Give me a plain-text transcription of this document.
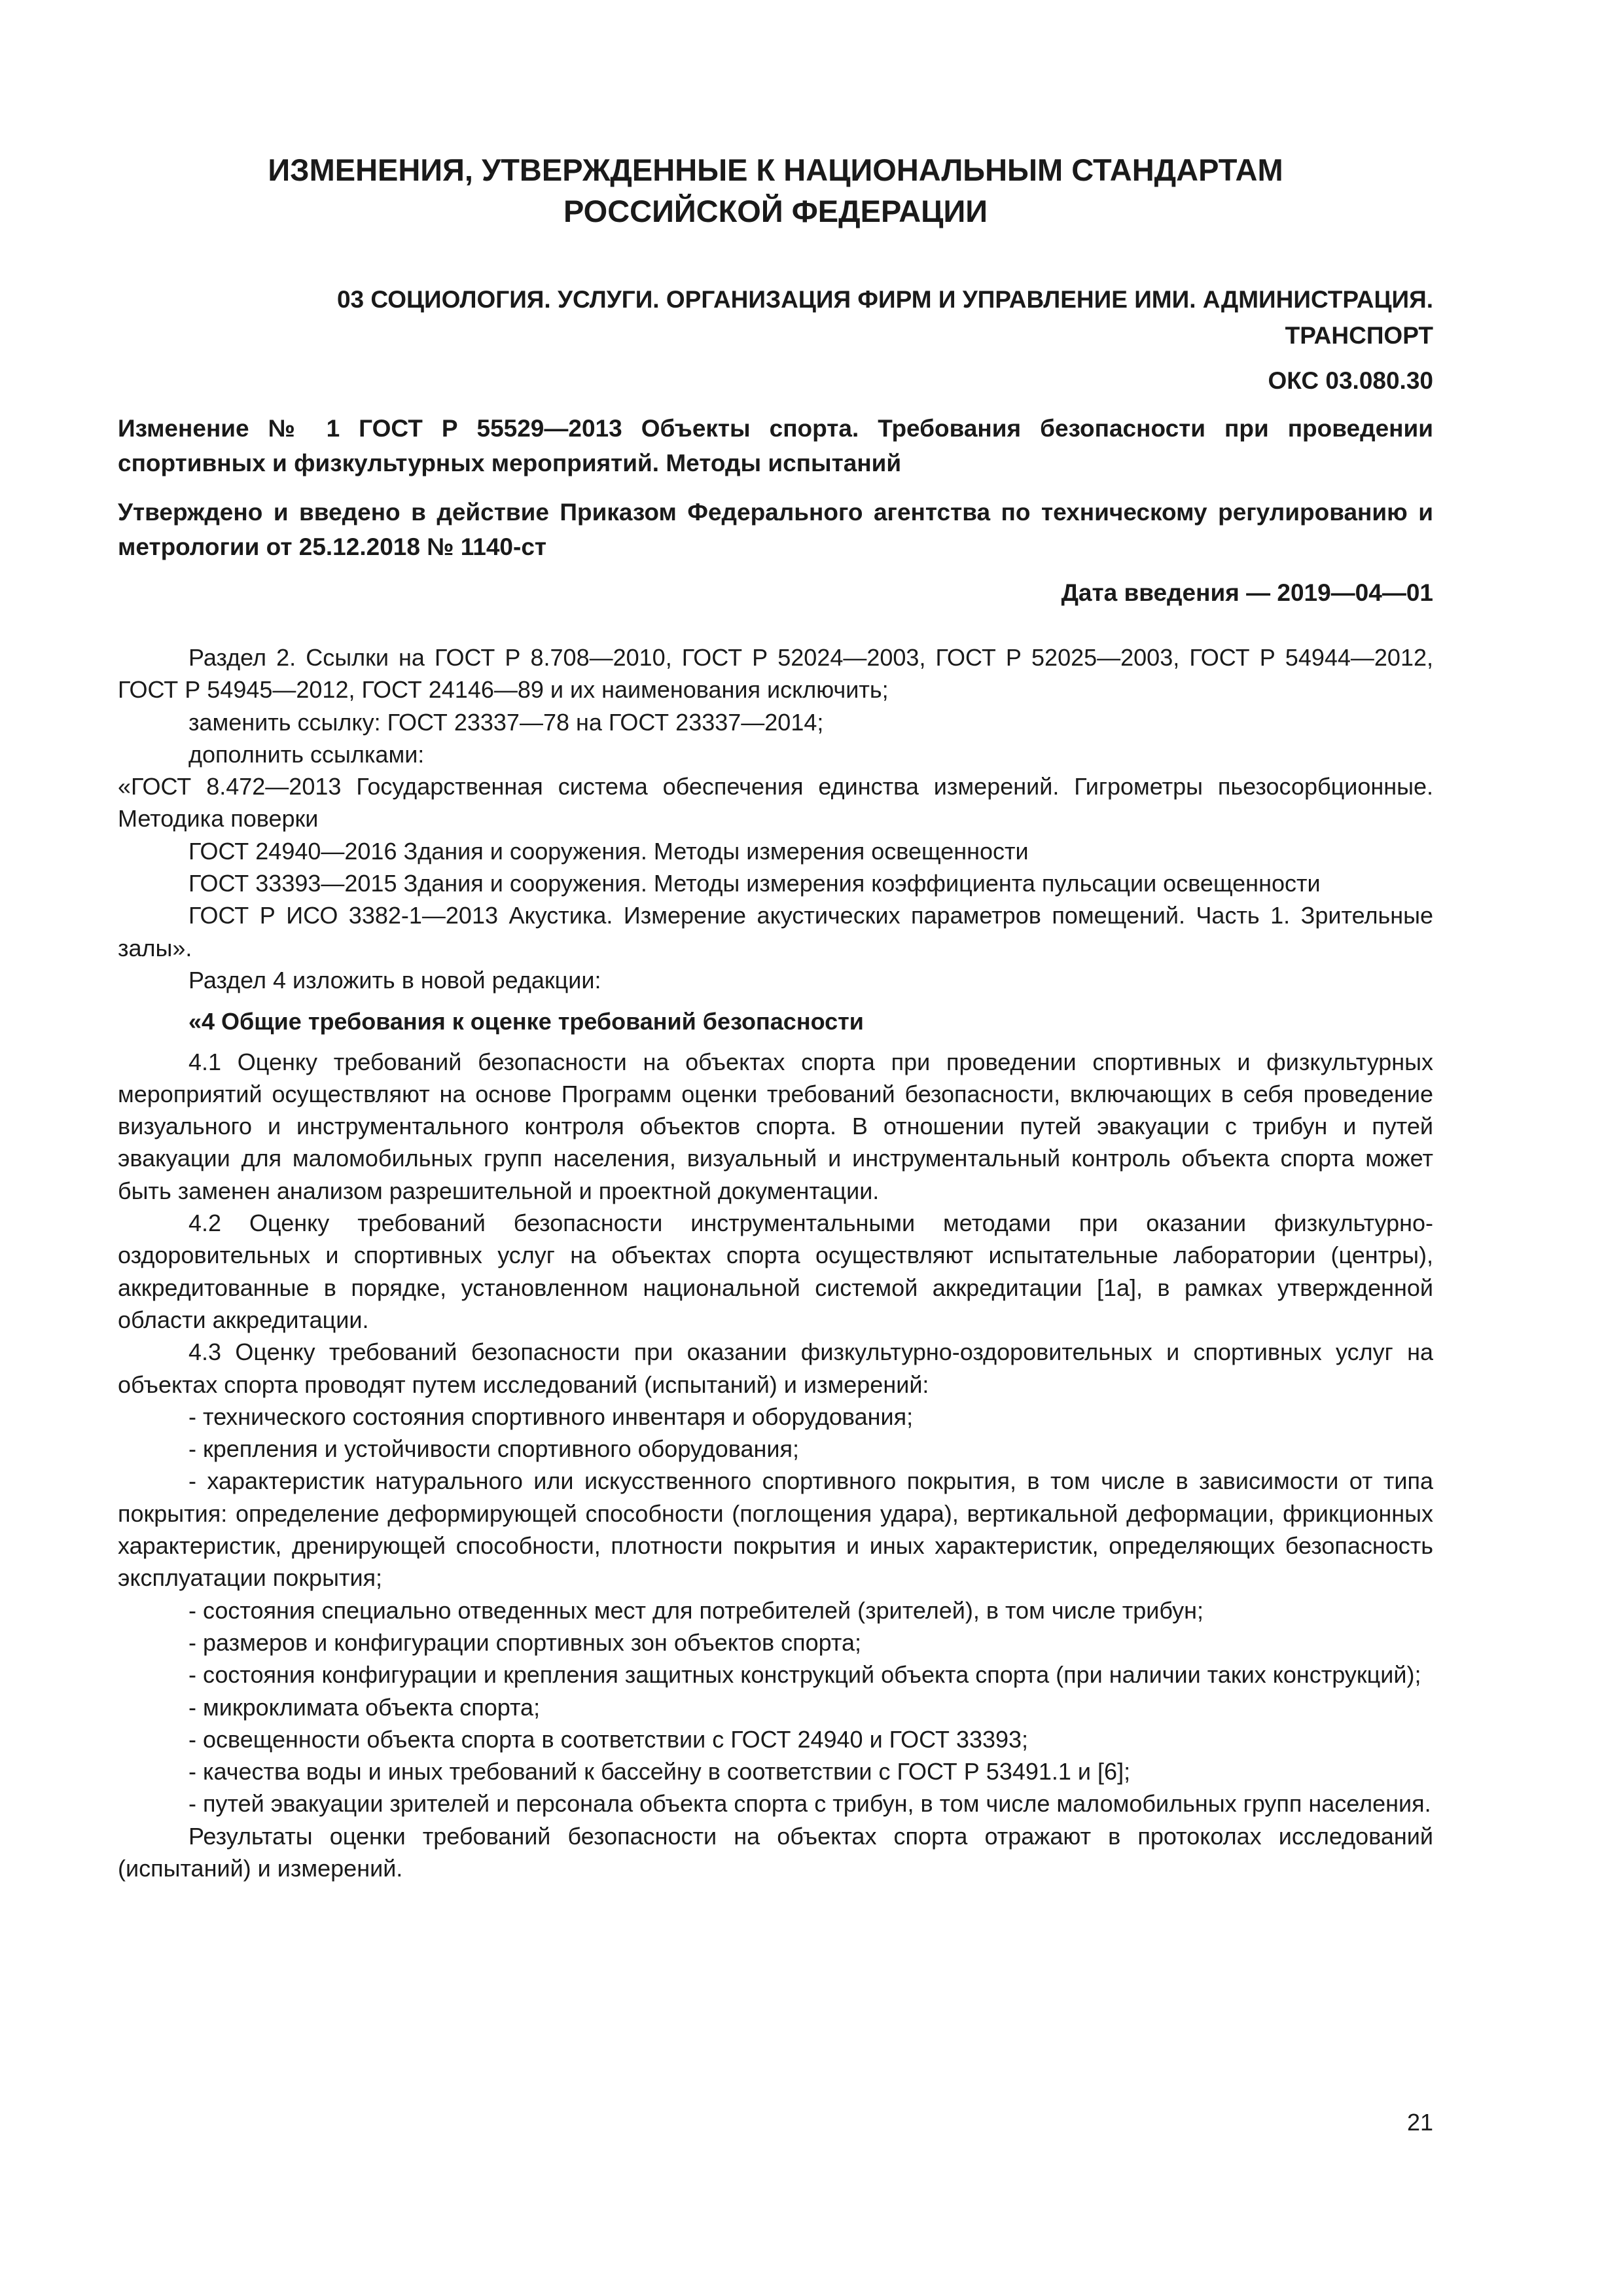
ИЗМЕНЕНИЯ, УТВЕРЖДЕННЫЕ К НАЦИОНАЛЬНЫМ СТАНДАРТАМ
РОССИЙСКОЙ ФЕДЕРАЦИИ
03 СОЦИОЛОГИЯ. УСЛУГИ. ОРГАНИЗАЦИЯ ФИРМ И УПРАВЛЕНИЕ ИМИ. АДМИНИСТРАЦИЯ.
ТРАНСПОРТ
ОКС 03.080.30
Изменение № 1 ГОСТ Р 55529—2013 Объекты спорта. Требования безопасности при проведении спортивных и физкультурных мероприятий. Методы испытаний
Утверждено и введено в действие Приказом Федерального агентства по техническому регулированию и метрологии от 25.12.2018 № 1140-ст
Дата введения — 2019—04—01

Раздел 2. Ссылки на ГОСТ Р 8.708—2010, ГОСТ Р 52024—2003, ГОСТ Р 52025—2003, ГОСТ Р 54944—2012, ГОСТ Р 54945—2012, ГОСТ 24146—89 и их наименования исключить;

заменить ссылку: ГОСТ 23337—78 на ГОСТ 23337—2014;

дополнить ссылками:

«ГОСТ 8.472—2013 Государственная система обеспечения единства измерений. Гигрометры пьезосорбционные. Методика поверки

ГОСТ 24940—2016 Здания и сооружения. Методы измерения освещенности

ГОСТ 33393—2015 Здания и сооружения. Методы измерения коэффициента пульсации освещенности

ГОСТ Р ИСО 3382-1—2013 Акустика. Измерение акустических параметров помещений. Часть 1. Зрительные залы».

Раздел 4 изложить в новой редакции:

«4 Общие требования к оценке требований безопасности

4.1 Оценку требований безопасности на объектах спорта при проведении спортивных и физкультурных мероприятий осуществляют на основе Программ оценки требований безопасности, включающих в себя проведение визуального и инструментального контроля объектов спорта. В отношении путей эвакуации с трибун и путей эвакуации для маломобильных групп населения, визуальный и инструментальный контроль объекта спорта может быть заменен анализом разрешительной и проектной документации.

4.2 Оценку требований безопасности инструментальными методами при оказании физкультурно-оздоровительных и спортивных услуг на объектах спорта осуществляют испытательные лаборатории (центры), аккредитованные в порядке, установленном национальной системой аккредитации [1а], в рамках утвержденной области аккредитации.

4.3 Оценку требований безопасности при оказании физкультурно-оздоровительных и спортивных услуг на объектах спорта проводят путем исследований (испытаний) и измерений:

- технического состояния спортивного инвентаря и оборудования;

- крепления и устойчивости спортивного оборудования;

- характеристик натурального или искусственного спортивного покрытия, в том числе в зависимости от типа покрытия: определение деформирующей способности (поглощения удара), вертикальной деформации, фрикционных характеристик, дренирующей способности, плотности покрытия и иных характеристик, определяющих безопасность эксплуатации покрытия;

- состояния специально отведенных мест для потребителей (зрителей), в том числе трибун;

- размеров и конфигурации спортивных зон объектов спорта;

- состояния конфигурации и крепления защитных конструкций объекта спорта (при наличии таких конструкций);

- микроклимата объекта спорта;

- освещенности объекта спорта в соответствии с ГОСТ 24940 и ГОСТ 33393;

- качества воды и иных требований к бассейну в соответствии с ГОСТ Р 53491.1 и [6];

- путей эвакуации зрителей и персонала объекта спорта с трибун, в том числе маломобильных групп населения.

Результаты оценки требований безопасности на объектах спорта отражают в протоколах исследований (испытаний) и измерений.

21
